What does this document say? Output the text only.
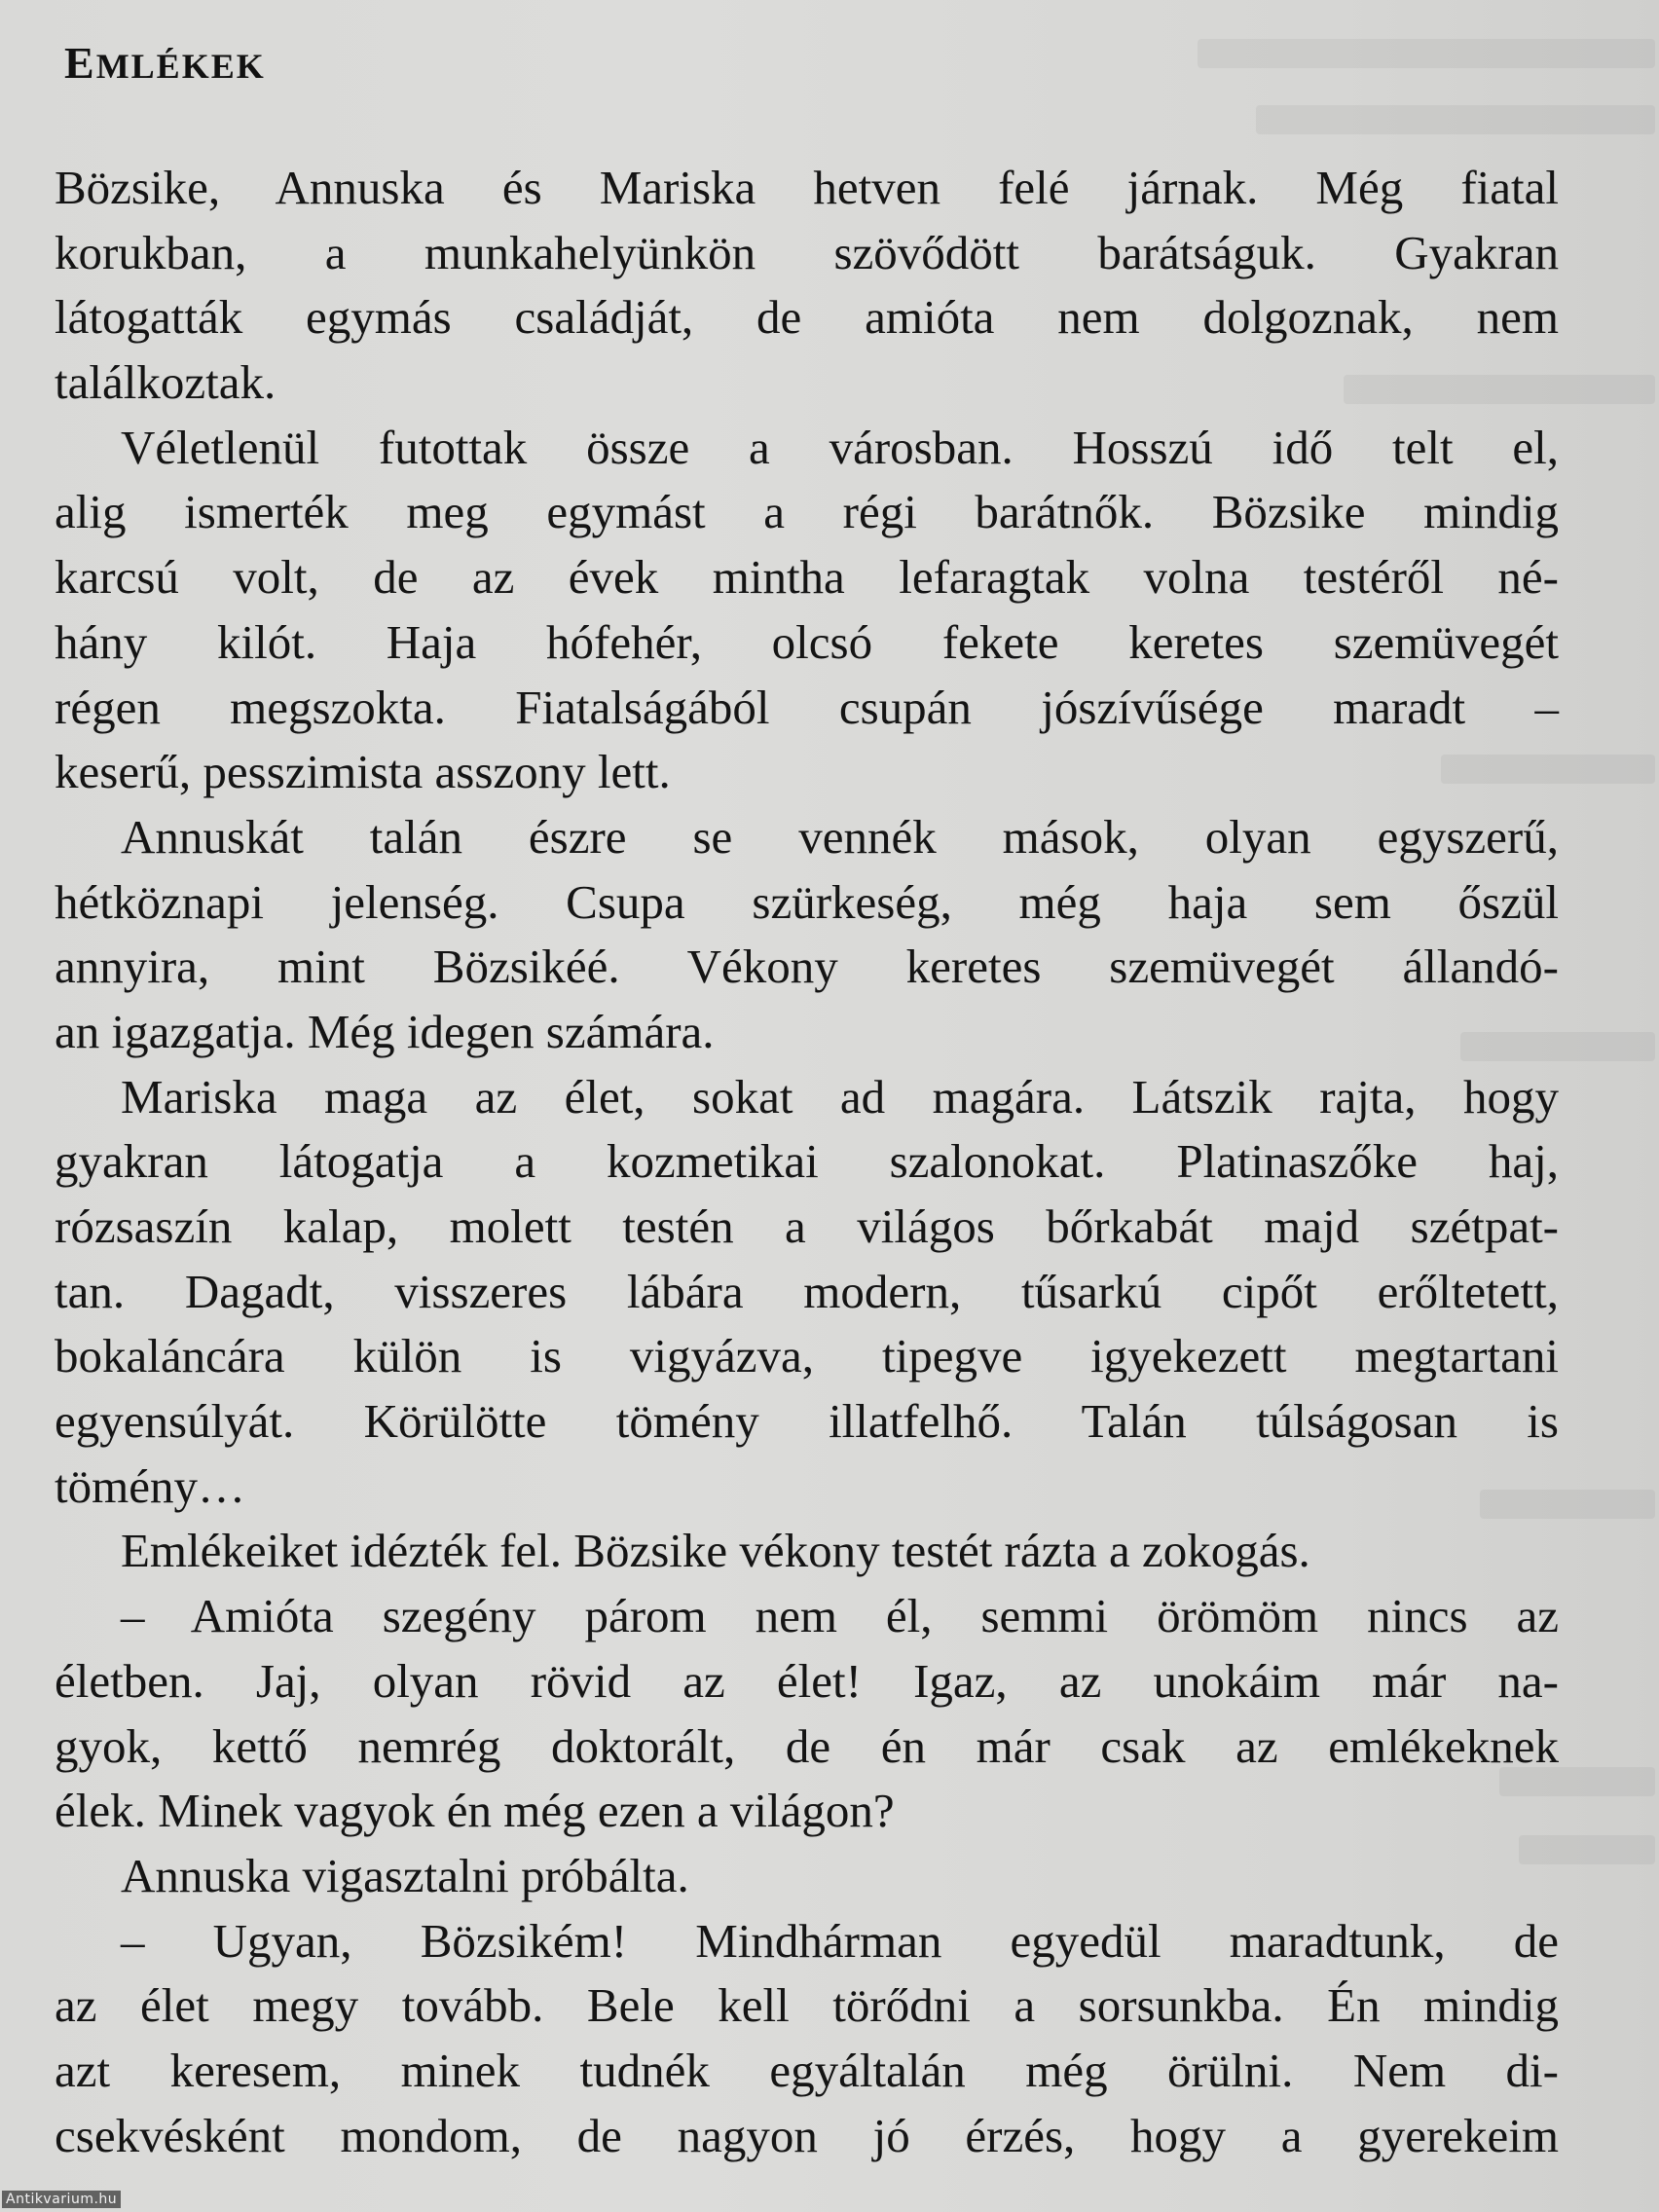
EMLÉKEK
Bözsike, Annuska és Mariska hetven felé járnak. Még fiatal
korukban, a munkahelyünkön szövődött barátságuk. Gyakran
látogatták egymás családját, de amióta nem dolgoznak, nem
találkoztak.
Véletlenül futottak össze a városban. Hosszú idő telt el,
alig ismerték meg egymást a régi barátnők. Bözsike mindig
karcsú volt, de az évek mintha lefaragtak volna testéről né-
hány kilót. Haja hófehér, olcsó fekete keretes szemüvegét
régen megszokta. Fiatalságából csupán jószívűsége maradt –
keserű, pesszimista asszony lett.
Annuskát talán észre se vennék mások, olyan egyszerű,
hétköznapi jelenség. Csupa szürkeség, még haja sem őszül
annyira, mint Bözsikéé. Vékony keretes szemüvegét állandó-
an igazgatja. Még idegen számára.
Mariska maga az élet, sokat ad magára. Látszik rajta, hogy
gyakran látogatja a kozmetikai szalonokat. Platinaszőke haj,
rózsaszín kalap, molett testén a világos bőrkabát majd szétpat-
tan. Dagadt, visszeres lábára modern, tűsarkú cipőt erőltetett,
bokaláncára külön is vigyázva, tipegve igyekezett megtartani
egyensúlyát. Körülötte tömény illatfelhő. Talán túlságosan is
tömény…
Emlékeiket idézték fel. Bözsike vékony testét rázta a zokogás.
– Amióta szegény párom nem él, semmi örömöm nincs az
életben. Jaj, olyan rövid az élet! Igaz, az unokáim már na-
gyok, kettő nemrég doktorált, de én már csak az emlékeknek
élek. Minek vagyok én még ezen a világon?
Annuska vigasztalni próbálta.
– Ugyan, Bözsikém! Mindhárman egyedül maradtunk, de
az élet megy tovább. Bele kell törődni a sorsunkba. Én mindig
azt keresem, minek tudnék egyáltalán még örülni. Nem di-
csekvésként mondom, de nagyon jó érzés, hogy a gyerekeim
Antikvarium.hu
